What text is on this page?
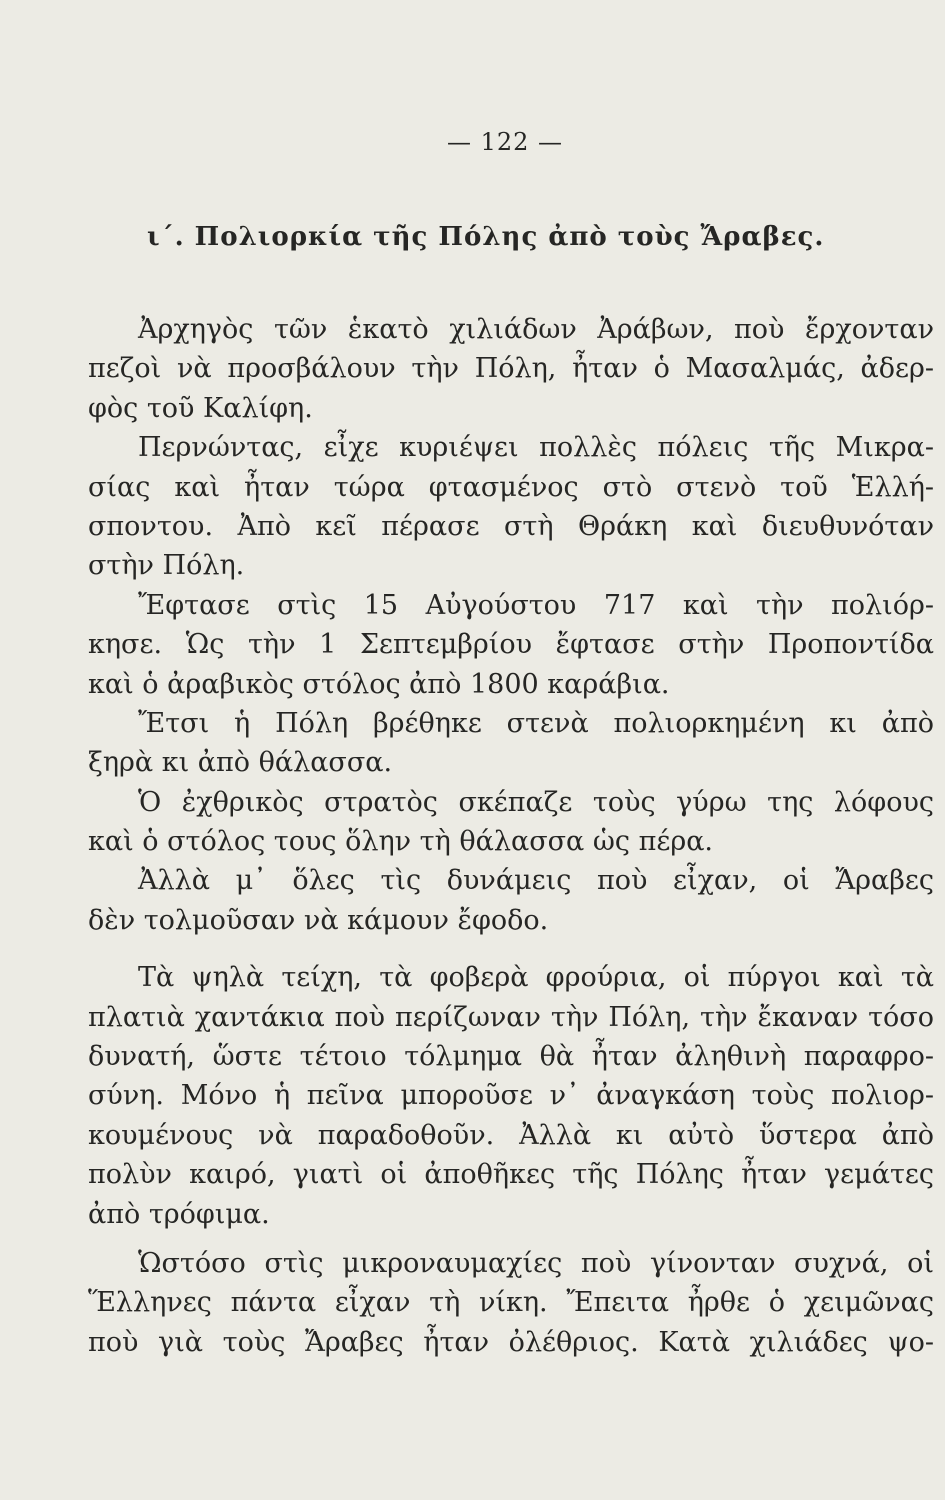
— 122 —
ι΄. Πολιορκία τῆς Πόλης ἀπὸ τοὺς Ἄραβες.
Ἀρχηγὸς τῶν ἑκατὸ χιλιάδων Ἀράβων, ποὺ ἔρχονταν
πεζοὶ νὰ προσβάλουν τὴν Πόλη, ἦταν ὁ Μασαλμάς, ἀδερ-
φὸς τοῦ Καλίφη.
Περνώντας, εἶχε κυριέψει πολλὲς πόλεις τῆς Μικρα-
σίας καὶ ἦταν τώρα φτασμένος στὸ στενὸ τοῦ Ἑλλή-
σποντου. Ἀπὸ κεῖ πέρασε στὴ Θράκη καὶ διευθυνόταν
στὴν Πόλη.
Ἔφτασε στὶς 15 Αὐγούστου 717 καὶ τὴν πολιόρ-
κησε. Ὡς τὴν 1 Σεπτεμβρίου ἔφτασε στὴν Προποντίδα
καὶ ὁ ἀραβικὸς στόλος ἀπὸ 1800 καράβια.
Ἔτσι ἡ Πόλη βρέθηκε στενὰ πολιορκημένη κι ἀπὸ
ξηρὰ κι ἀπὸ θάλασσα.
Ὁ ἐχθρικὸς στρατὸς σκέπαζε τοὺς γύρω της λόφους
καὶ ὁ στόλος τους ὅλην τὴ θάλασσα ὡς πέρα.
Ἀλλὰ μ᾿ ὅλες τὶς δυνάμεις ποὺ εἶχαν, οἱ Ἄραβες
δὲν τολμοῦσαν νὰ κάμουν ἔφοδο.
Τὰ ψηλὰ τείχη, τὰ φοβερὰ φρούρια, οἱ πύργοι καὶ τὰ
πλατιὰ χαντάκια ποὺ περίζωναν τὴν Πόλη, τὴν ἔκαναν τόσο
δυνατή, ὥστε τέτοιο τόλμημα θὰ ἦταν ἀληθινὴ παραφρο-
σύνη. Μόνο ἡ πεῖνα μποροῦσε ν᾿ ἀναγκάση τοὺς πολιορ-
κουμένους νὰ παραδοθοῦν. Ἀλλὰ κι αὐτὸ ὕστερα ἀπὸ
πολὺν καιρό, γιατὶ οἱ ἀποθῆκες τῆς Πόλης ἦταν γεμάτες
ἀπὸ τρόφιμα.
Ὡστόσο στὶς μικροναυμαχίες ποὺ γίνονταν συχνά, οἱ
Ἕλληνες πάντα εἶχαν τὴ νίκη. Ἔπειτα ἦρθε ὁ χειμῶνας
ποὺ γιὰ τοὺς Ἄραβες ἦταν ὀλέθριος. Κατὰ χιλιάδες ψο-
